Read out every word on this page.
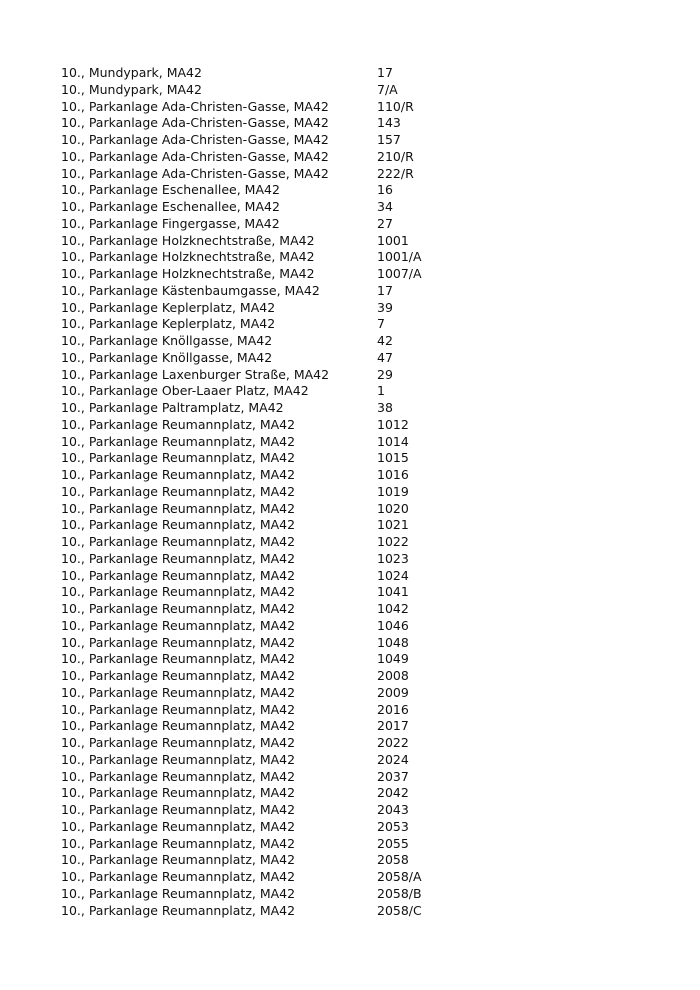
10., Mundypark, MA42	17
10., Mundypark, MA42	7/A
10., Parkanlage Ada-Christen-Gasse, MA42	110/R
10., Parkanlage Ada-Christen-Gasse, MA42	143
10., Parkanlage Ada-Christen-Gasse, MA42	157
10., Parkanlage Ada-Christen-Gasse, MA42	210/R
10., Parkanlage Ada-Christen-Gasse, MA42	222/R
10., Parkanlage Eschenallee, MA42	16
10., Parkanlage Eschenallee, MA42	34
10., Parkanlage Fingergasse, MA42	27
10., Parkanlage Holzknechtstraße, MA42	1001
10., Parkanlage Holzknechtstraße, MA42	1001/A
10., Parkanlage Holzknechtstraße, MA42	1007/A
10., Parkanlage Kästenbaumgasse, MA42	17
10., Parkanlage Keplerplatz, MA42	39
10., Parkanlage Keplerplatz, MA42	7
10., Parkanlage Knöllgasse, MA42	42
10., Parkanlage Knöllgasse, MA42	47
10., Parkanlage Laxenburger Straße, MA42	29
10., Parkanlage Ober-Laaer Platz, MA42	1
10., Parkanlage Paltramplatz, MA42	38
10., Parkanlage Reumannplatz, MA42	1012
10., Parkanlage Reumannplatz, MA42	1014
10., Parkanlage Reumannplatz, MA42	1015
10., Parkanlage Reumannplatz, MA42	1016
10., Parkanlage Reumannplatz, MA42	1019
10., Parkanlage Reumannplatz, MA42	1020
10., Parkanlage Reumannplatz, MA42	1021
10., Parkanlage Reumannplatz, MA42	1022
10., Parkanlage Reumannplatz, MA42	1023
10., Parkanlage Reumannplatz, MA42	1024
10., Parkanlage Reumannplatz, MA42	1041
10., Parkanlage Reumannplatz, MA42	1042
10., Parkanlage Reumannplatz, MA42	1046
10., Parkanlage Reumannplatz, MA42	1048
10., Parkanlage Reumannplatz, MA42	1049
10., Parkanlage Reumannplatz, MA42	2008
10., Parkanlage Reumannplatz, MA42	2009
10., Parkanlage Reumannplatz, MA42	2016
10., Parkanlage Reumannplatz, MA42	2017
10., Parkanlage Reumannplatz, MA42	2022
10., Parkanlage Reumannplatz, MA42	2024
10., Parkanlage Reumannplatz, MA42	2037
10., Parkanlage Reumannplatz, MA42	2042
10., Parkanlage Reumannplatz, MA42	2043
10., Parkanlage Reumannplatz, MA42	2053
10., Parkanlage Reumannplatz, MA42	2055
10., Parkanlage Reumannplatz, MA42	2058
10., Parkanlage Reumannplatz, MA42	2058/A
10., Parkanlage Reumannplatz, MA42	2058/B
10., Parkanlage Reumannplatz, MA42	2058/C
